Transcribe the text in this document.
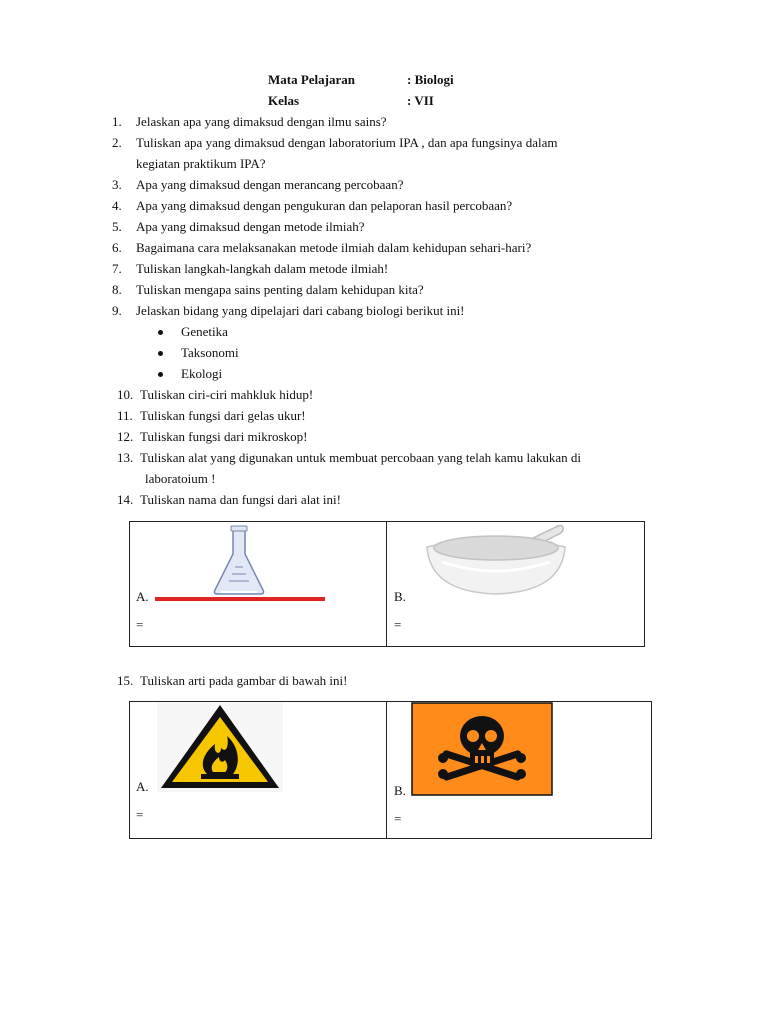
Mata Pelajaran	: Biologi
Kelas	: VII
1. Jelaskan apa yang dimaksud dengan ilmu sains?
2. Tuliskan apa yang dimaksud dengan laboratorium IPA , dan apa fungsinya dalam
kegiatan praktikum IPA?
3. Apa yang dimaksud dengan merancang percobaan?
4. Apa yang dimaksud dengan pengukuran dan pelaporan hasil percobaan?
5. Apa yang dimaksud dengan metode ilmiah?
6. Bagaimana cara melaksanakan metode ilmiah dalam kehidupan sehari-hari?
7. Tuliskan langkah-langkah dalam metode ilmiah!
8. Tuliskan mengapa sains penting dalam kehidupan kita?
9. Jelaskan bidang yang dipelajari dari cabang biologi berikut ini!
Genetika
Taksonomi
Ekologi
10. Tuliskan ciri-ciri mahkluk hidup!
11. Tuliskan fungsi dari gelas ukur!
12. Tuliskan fungsi dari mikroskop!
13. Tuliskan alat yang digunakan untuk membuat percobaan yang telah kamu lakukan di
laboratoium !
14. Tuliskan nama dan fungsi dari alat ini!
A.
=
B.
=
15. Tuliskan arti pada gambar di bawah ini!
A.
=
B.
=
